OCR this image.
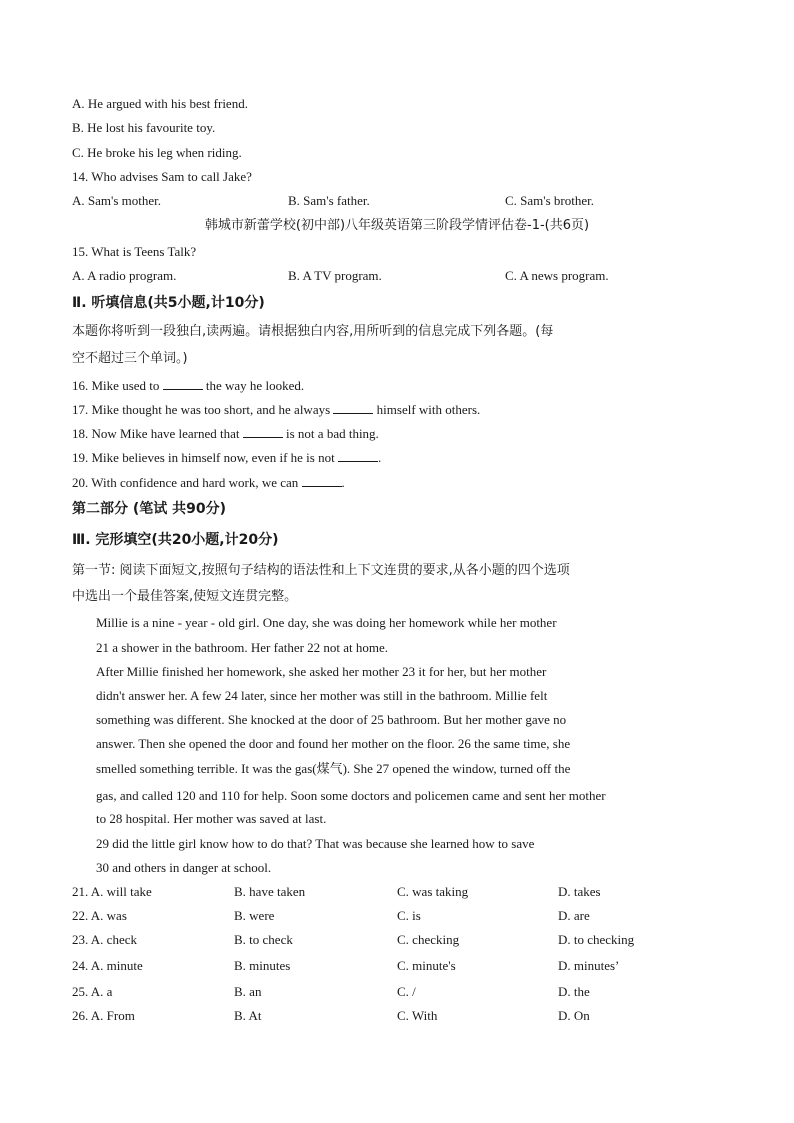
A. He argued with his best friend.
B. He lost his favourite toy.
C. He broke his leg when riding.
14. Who advises Sam to call Jake?
A. Sam's mother.	B. Sam's father.	C. Sam's brother.
韩城市新蕾学校(初中部)八年级英语第三阶段学情评估卷-1-(共6页)
15. What is Teens Talk?
A. A radio program.	B. A TV program.	C. A news program.
Ⅱ. 听填信息(共5小题,计10分)
本题你将听到一段独白,读两遍。请根据独白内容,用所听到的信息完成下列各题。(每
空不超过三个单词。)
16. Mike used to	the way he looked.
17. Mike thought he was too short, and he always	himself with others.
18. Now Mike have learned that	is not a bad thing.
19. Mike believes in himself now, even if he is not	.
20. With confidence and hard work, we can	.
第二部分 (笔试 共90分)
Ⅲ. 完形填空(共20小题,计20分)
第一节: 阅读下面短文,按照句子结构的语法性和上下文连贯的要求,从各小题的四个选项
中选出一个最佳答案,使短文连贯完整。
Millie is a nine - year - old girl. One day, she was doing her homework while her mother
21 a shower in the bathroom. Her father 22 not at home.
After Millie finished her homework, she asked her mother 23 it for her, but her mother
didn't answer her. A few 24 later, since her mother was still in the bathroom. Millie felt
something was different. She knocked at the door of 25 bathroom. But her mother gave no
answer. Then she opened the door and found her mother on the floor. 26 the same time, she
smelled something terrible. It was the gas(煤气). She 27 opened the window, turned off the
gas, and called 120 and 110 for help. Soon some doctors and policemen came and sent her mother
to 28 hospital. Her mother was saved at last.
29 did the little girl know how to do that? That was because she learned how to save
30 and others in danger at school.
21. A. will take	B. have taken	C. was taking	D. takes
22. A. was	B. were	C. is	D. are
23. A. check	B. to check	C. checking	D. to checking
24. A. minute	B. minutes	C. minute's	D. minutes’
25. A. a	B. an	C. /	D. the
26. A. From	B. At	C. With	D. On
